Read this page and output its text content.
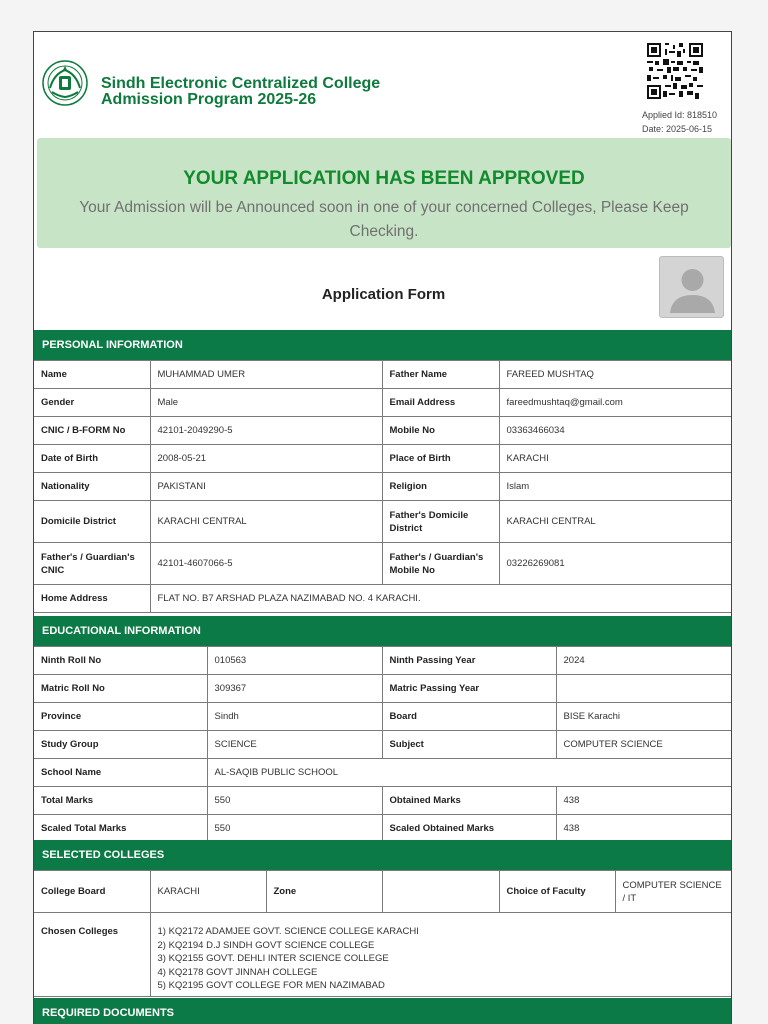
Sindh Electronic Centralized College
Admission Program 2025-26
Applied Id: 818510
Date: 2025-06-15
YOUR APPLICATION HAS BEEN APPROVED
Your Admission will be Announced soon in one of your concerned Colleges, Please Keep Checking.
Application Form
PERSONAL INFORMATION
Name	MUHAMMAD UMER	Father Name	FAREED MUSHTAQ
Gender	Male	Email Address	fareedmushtaq@gmail.com
CNIC / B-FORM No	42101-2049290-5	Mobile No	03363466034
Date of Birth	2008-05-21	Place of Birth	KARACHI
Nationality	PAKISTANI	Religion	Islam
Domicile District	KARACHI CENTRAL	Father's Domicile District	KARACHI CENTRAL
Father's / Guardian's CNIC	42101-4607066-5	Father's / Guardian's Mobile No	03226269081
Home Address	FLAT NO. B7 ARSHAD PLAZA NAZIMABAD NO. 4 KARACHI.		
EDUCATIONAL INFORMATION
Ninth Roll No	010563	Ninth Passing Year	2024
Matric Roll No	309367	Matric Passing Year	
Province	Sindh	Board	BISE Karachi
Study Group	SCIENCE	Subject	COMPUTER SCIENCE
School Name	AL-SAQIB PUBLIC SCHOOL		
Total Marks	550	Obtained Marks	438
Scaled Total Marks	550	Scaled Obtained Marks	438
SELECTED COLLEGES
College Board	KARACHI	Zone		Choice of Faculty	COMPUTER SCIENCE / IT
Chosen Colleges	1) KQ2172 ADAMJEE GOVT. SCIENCE COLLEGE KARACHI
2) KQ2194 D.J SINDH GOVT SCIENCE COLLEGE
3) KQ2155 GOVT. DEHLI INTER SCIENCE COLLEGE
4) KQ2178 GOVT JINNAH COLLEGE
5) KQ2195 GOVT COLLEGE FOR MEN NAZIMABAD				
REQUIRED DOCUMENTS
